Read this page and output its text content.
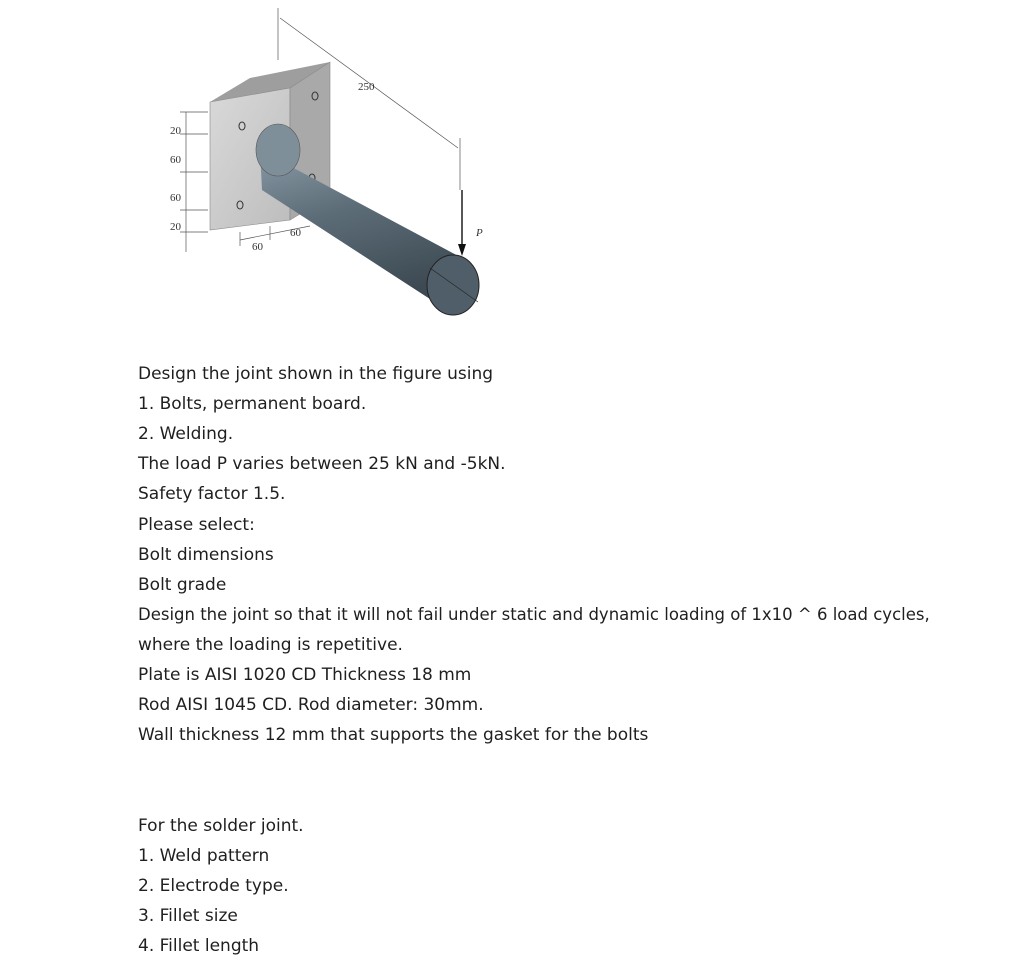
250
P
20
60
60
20
60
60
Design the joint shown in the figure using
1. Bolts, permanent board.
2. Welding.
The load P varies between 25 kN and -5kN.
Safety factor 1.5.
Please select:
Bolt dimensions
Bolt grade
Design the joint so that it will not fail under static and dynamic loading of 1x10 ^ 6 load cycles,
where the loading is repetitive.
Plate is AISI 1020 CD Thickness 18 mm
Rod AISI 1045 CD. Rod diameter: 30mm.
Wall thickness 12 mm that supports the gasket for the bolts
For the solder joint.
1. Weld pattern
2. Electrode type.
3. Fillet size
4. Fillet length
